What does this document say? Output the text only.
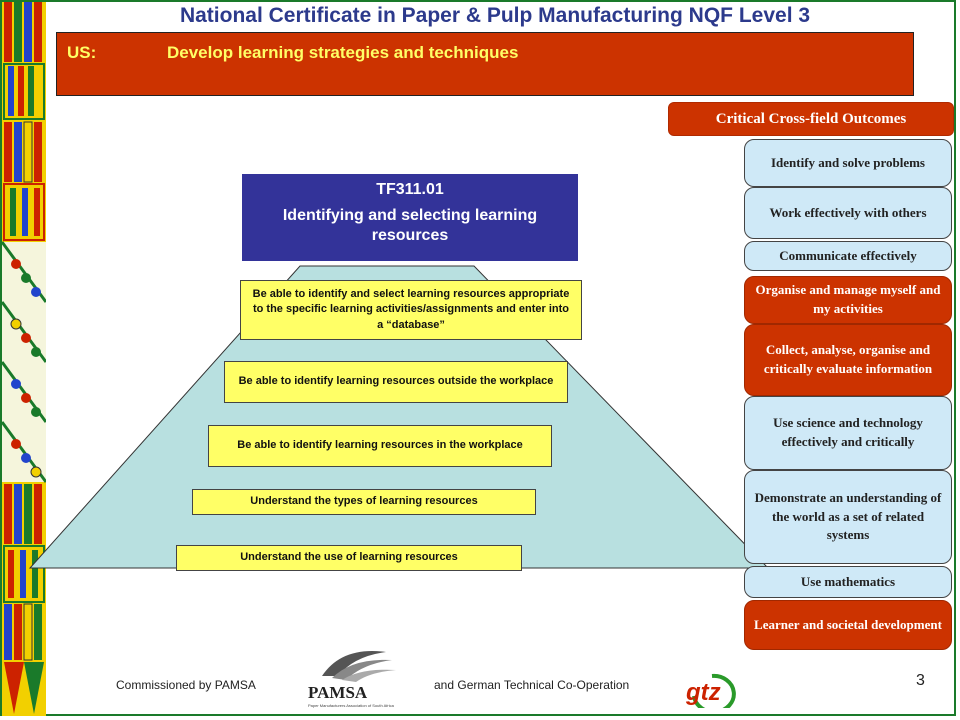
National Certificate in Paper & Pulp Manufacturing NQF Level 3
US:	Develop learning strategies and techniques
TF311.01
Identifying and selecting learning resources
Be able to identify and select learning resources appropriate to the specific learning activities/assignments and enter into a “database”
Be able to identify learning resources outside the workplace
Be able to identify learning resources in the workplace
Understand the types of learning resources
Understand the use of learning resources
Critical Cross-field Outcomes
Identify and solve problems
Work effectively with others
Communicate effectively
Organise and manage myself and my activities
Collect, analyse, organise and critically evaluate information
Use science and technology effectively and critically
Demonstrate an understanding of the world as a set of related systems
Use mathematics
Learner and societal development
Commissioned by PAMSA	PAMSA
Paper Manufacturers Association of South Africa
and German Technical Co-Operation gtz	3
